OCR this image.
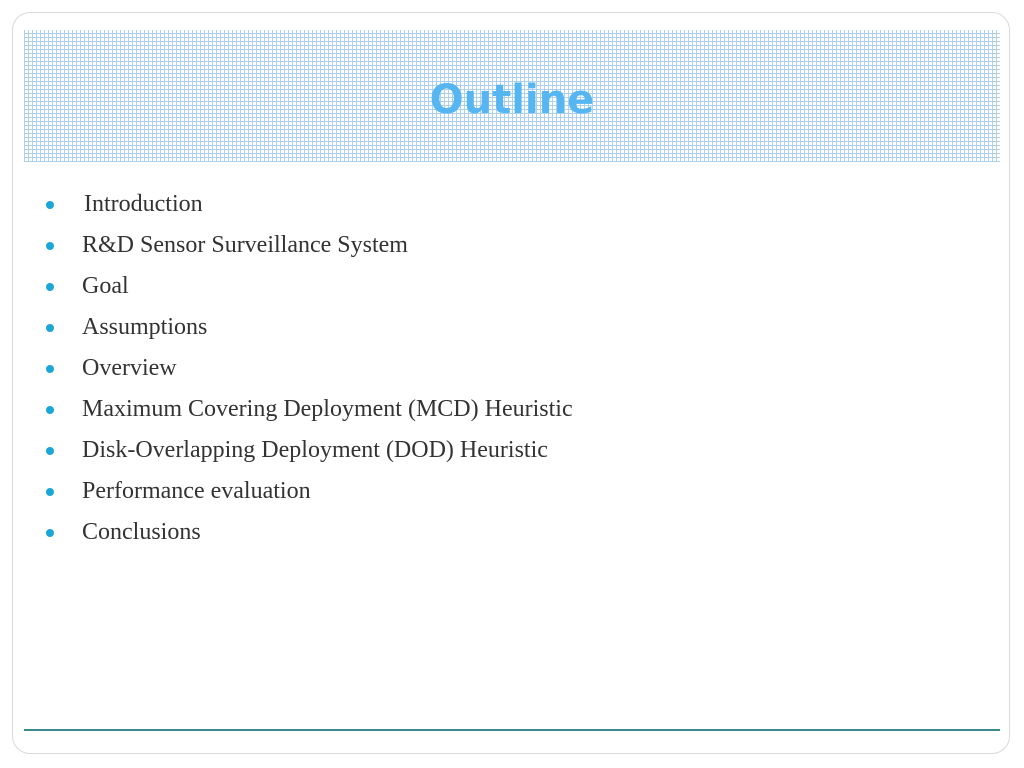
Outline
Introduction
R&D Sensor Surveillance System
Goal
Assumptions
Overview
Maximum Covering Deployment (MCD) Heuristic
Disk-Overlapping Deployment (DOD) Heuristic
Performance evaluation
Conclusions
